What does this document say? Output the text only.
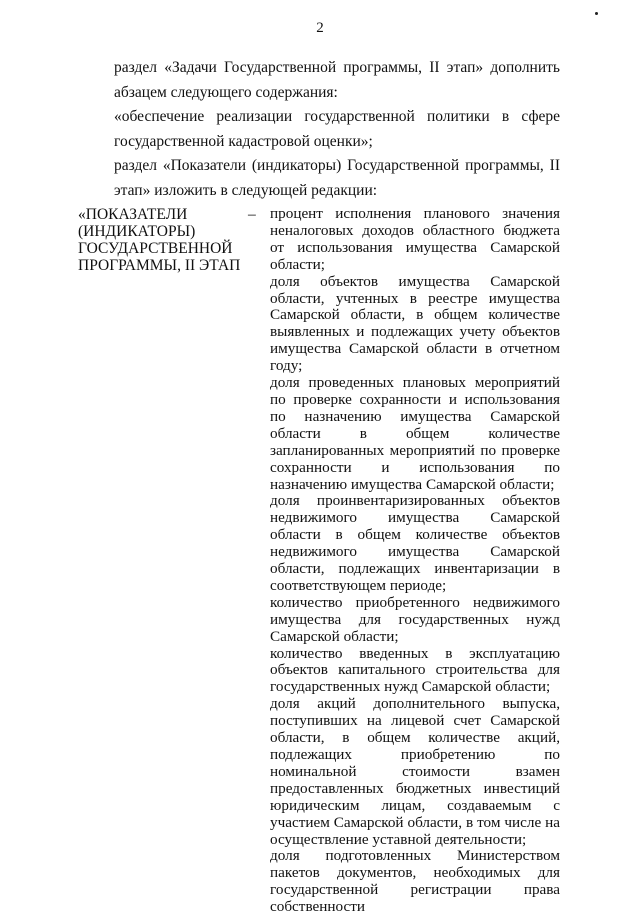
2
раздел «Задачи Государственной программы, II этап» дополнить абзацем следующего содержания:
«обеспечение реализации государственной политики в сфере государственной кадастровой оценки»;
раздел «Показатели (индикаторы) Государственной программы, II этап» изложить в следующей редакции:
«ПОКАЗАТЕЛИ (ИНДИКАТОРЫ) ГОСУДАРСТВЕННОЙ ПРОГРАММЫ, II ЭТАП
– процент исполнения планового значения неналоговых доходов областного бюджета от использования имущества Самарской области;

доля объектов имущества Самарской области, учтенных в реестре имущества Самарской области, в общем количестве выявленных и подлежащих учету объектов имущества Самарской области в отчетном году;

доля проведенных плановых мероприятий по проверке сохранности и использования по назначению имущества Самарской области в общем количестве запланированных мероприятий по проверке сохранности и использования по назначению имущества Самарской области;

доля проинвентаризированных объектов недвижимого имущества Самарской области в общем количестве объектов недвижимого имущества Самарской области, подлежащих инвентаризации в соответствующем периоде;

количество приобретенного недвижимого имущества для государственных нужд Самарской области;

количество введенных в эксплуатацию объектов капитального строительства для государственных нужд Самарской области;

доля акций дополнительного выпуска, поступивших на лицевой счет Самарской области, в общем количестве акций, подлежащих приобретению по номинальной стоимости взамен предоставленных бюджетных инвестиций юридическим лицам, создаваемым с участием Самарской области, в том числе на осуществление уставной деятельности;

доля подготовленных Министерством пакетов документов, необходимых для государственной регистрации права собственности
